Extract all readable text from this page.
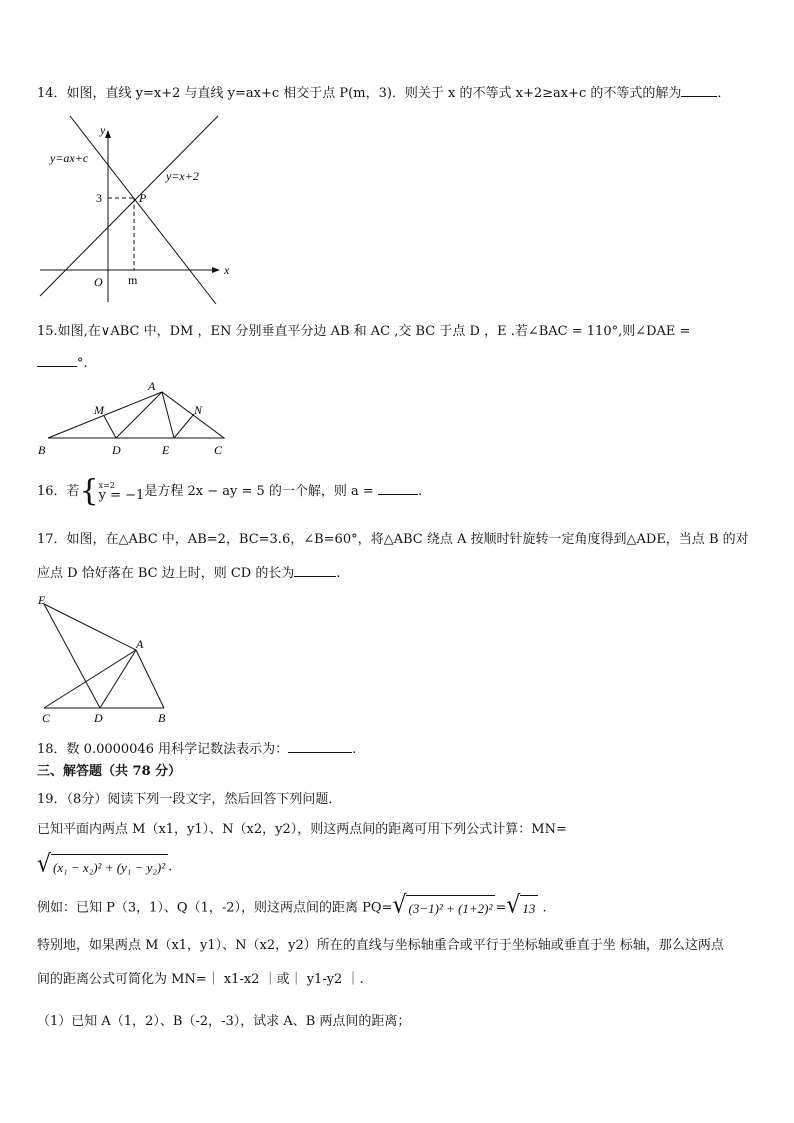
14．如图，直线 y=x+2 与直线 y=ax+c 相交于点 P(m，3)．则关于 x 的不等式 x+2≥ax+c 的不等式的解为	．
y=ax+c
y=x+2
y
x
P
3
O m
15.如图,在∨ABC 中，DM ，EN 分别垂直平分边 AB 和 AC ,交 BC 于点 D ，E .若∠BAC = 110°,则∠DAE =
°.
A
M	N
B	D	E	C
16．若{ x=2
y = −1 是方程 2x − ay = 5 的一个解，则 a =	.
17．如图，在△ABC 中，AB=2，BC=3.6，∠B=60°，将△ABC 绕点 A 按顺时针旋转一定角度得到△ADE，当点 B 的对
应点 D 恰好落在 BC 边上时，则 CD 的长为	.
E
A
C	D	B
18．数 0.0000046 用科学记数法表示为：	.
三、解答题（共 78 分）
19．（8分）阅读下列一段文字，然后回答下列问题．
已知平面内两点 M（x1，y1）、N（x2，y2），则这两点间的距离可用下列公式计算：MN=
√ (x₁ − x₂)² + (y₁ − y₂)² .
例如：已知 P（3，1）、Q（1，-2），则这两点间的距离 PQ= √ (3−1)² + (1+2)² = √ 13 .
特别地，如果两点 M（x1，y1）、N（x2，y2）所在的直线与坐标轴重合或平行于坐标轴或垂直于坐 标轴，那么这两点
间的距离公式可简化为 MN=｜ x1-x2 ｜或｜ y1-y2 ｜.
（1）已知 A（1，2）、B（-2，-3），试求 A、B 两点间的距离；
